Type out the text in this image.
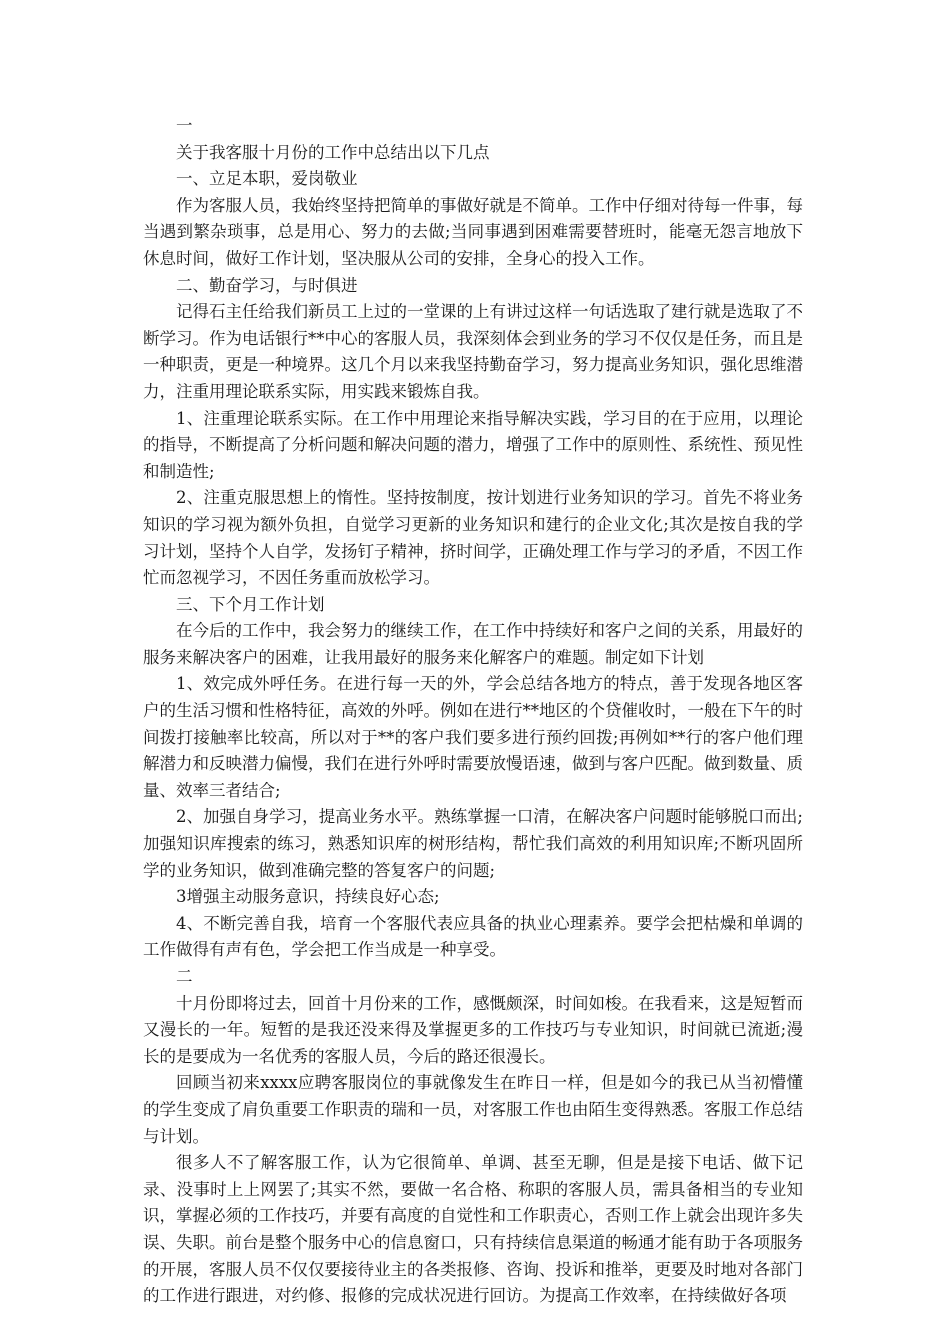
一

关于我客服十月份的工作中总结出以下几点

一、立足本职，爱岗敬业

作为客服人员，我始终坚持把简单的事做好就是不简单。工作中仔细对待每一件事，每当遇到繁杂琐事，总是用心、努力的去做;当同事遇到困难需要替班时，能毫无怨言地放下休息时间，做好工作计划，坚决服从公司的安排，全身心的投入工作。

二、勤奋学习，与时俱进

记得石主任给我们新员工上过的一堂课的上有讲过这样一句话选取了建行就是选取了不断学习。作为电话银行**中心的客服人员，我深刻体会到业务的学习不仅仅是任务，而且是一种职责，更是一种境界。这几个月以来我坚持勤奋学习，努力提高业务知识，强化思维潜力，注重用理论联系实际，用实践来锻炼自我。

1、注重理论联系实际。在工作中用理论来指导解决实践，学习目的在于应用，以理论的指导，不断提高了分析问题和解决问题的潜力，增强了工作中的原则性、系统性、预见性和制造性;

2、注重克服思想上的惰性。坚持按制度，按计划进行业务知识的学习。首先不将业务知识的学习视为额外负担，自觉学习更新的业务知识和建行的企业文化;其次是按自我的学习计划，坚持个人自学，发扬钉子精神，挤时间学，正确处理工作与学习的矛盾，不因工作忙而忽视学习，不因任务重而放松学习。

三、下个月工作计划

在今后的工作中，我会努力的继续工作，在工作中持续好和客户之间的关系，用最好的服务来解决客户的困难，让我用最好的服务来化解客户的难题。制定如下计划

1、效完成外呼任务。在进行每一天的外，学会总结各地方的特点，善于发现各地区客户的生活习惯和性格特征，高效的外呼。例如在进行**地区的个贷催收时，一般在下午的时间拨打接触率比较高，所以对于**的客户我们要多进行预约回拨;再例如**行的客户他们理解潜力和反映潜力偏慢，我们在进行外呼时需要放慢语速，做到与客户匹配。做到数量、质量、效率三者结合;

2、加强自身学习，提高业务水平。熟练掌握一口清，在解决客户问题时能够脱口而出;加强知识库搜索的练习，熟悉知识库的树形结构，帮忙我们高效的利用知识库;不断巩固所学的业务知识，做到准确完整的答复客户的问题;

3增强主动服务意识，持续良好心态;

4、不断完善自我，培育一个客服代表应具备的执业心理素养。要学会把枯燥和单调的工作做得有声有色，学会把工作当成是一种享受。

二

十月份即将过去，回首十月份来的工作，感慨颇深，时间如梭。在我看来，这是短暂而又漫长的一年。短暂的是我还没来得及掌握更多的工作技巧与专业知识，时间就已流逝;漫长的是要成为一名优秀的客服人员，今后的路还很漫长。

回顾当初来xxxx应聘客服岗位的事就像发生在昨日一样，但是如今的我已从当初懵懂的学生变成了肩负重要工作职责的瑞和一员，对客服工作也由陌生变得熟悉。客服工作总结与计划。

很多人不了解客服工作，认为它很简单、单调、甚至无聊，但是是接下电话、做下记录、没事时上上网罢了;其实不然，要做一名合格、称职的客服人员，需具备相当的专业知识，掌握必须的工作技巧，并要有高度的自觉性和工作职责心，否则工作上就会出现许多失误、失职。前台是整个服务中心的信息窗口，只有持续信息渠道的畅通才能有助于各项服务的开展，客服人员不仅仅要接待业主的各类报修、咨询、投诉和推举，更要及时地对各部门的工作进行跟进，对约修、报修的完成状况进行回访。为提高工作效率，在持续做好各项
